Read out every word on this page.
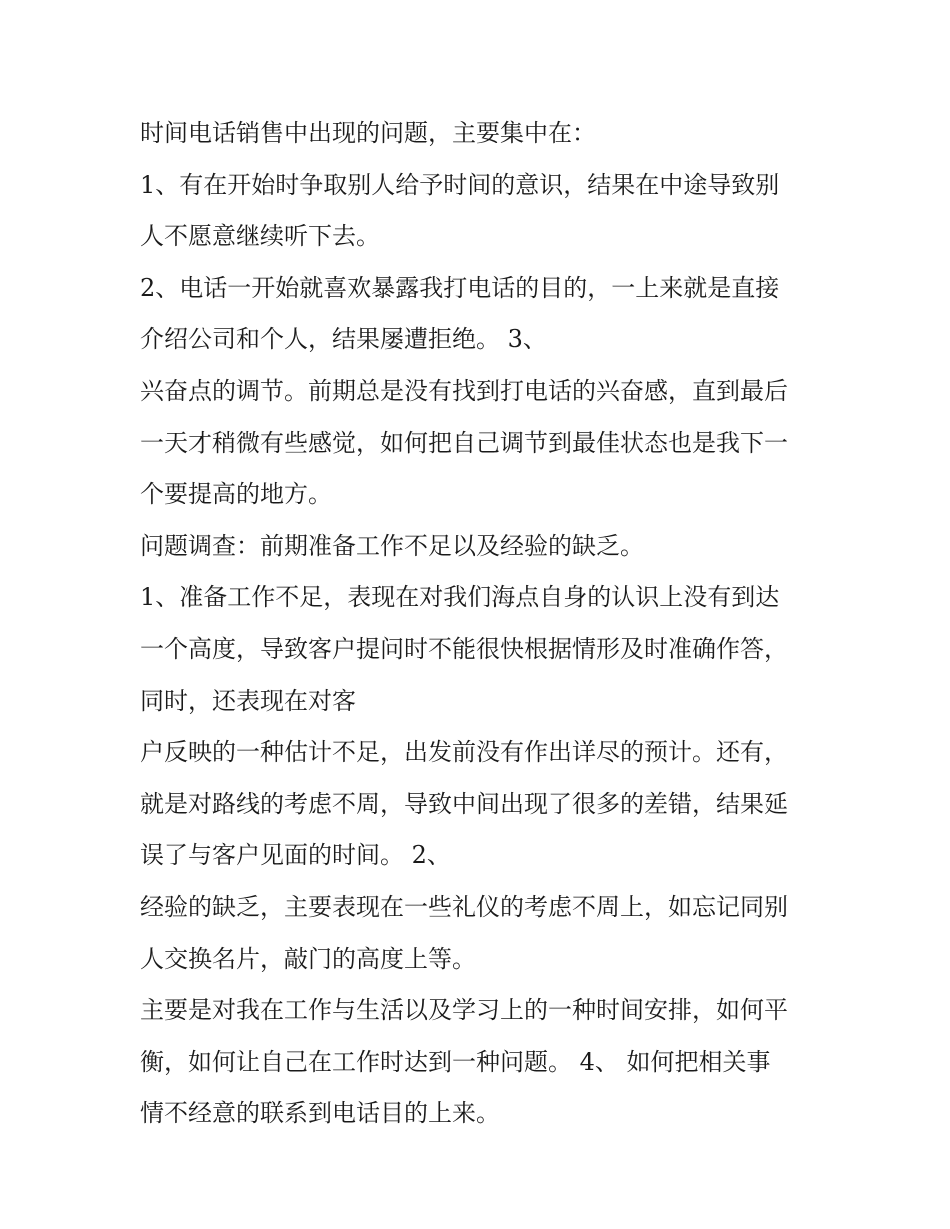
时间电话销售中出现的问题，主要集中在：
1、有在开始时争取别人给予时间的意识，结果在中途导致别
人不愿意继续听下去。
2、电话一开始就喜欢暴露我打电话的目的，一上来就是直接
介绍公司和个人，结果屡遭拒绝。 3、
兴奋点的调节。前期总是没有找到打电话的兴奋感，直到最后
一天才稍微有些感觉，如何把自己调节到最佳状态也是我下一
个要提高的地方。
问题调查：前期准备工作不足以及经验的缺乏。
1、准备工作不足，表现在对我们海点自身的认识上没有到达
一个高度，导致客户提问时不能很快根据情形及时准确作答，
同时，还表现在对客
户反映的一种估计不足，出发前没有作出详尽的预计。还有，
就是对路线的考虑不周，导致中间出现了很多的差错，结果延
误了与客户见面的时间。 2、
经验的缺乏，主要表现在一些礼仪的考虑不周上，如忘记同别
人交换名片，敲门的高度上等。
主要是对我在工作与生活以及学习上的一种时间安排，如何平
衡，如何让自己在工作时达到一种问题。 4、 如何把相关事
情不经意的联系到电话目的上来。
